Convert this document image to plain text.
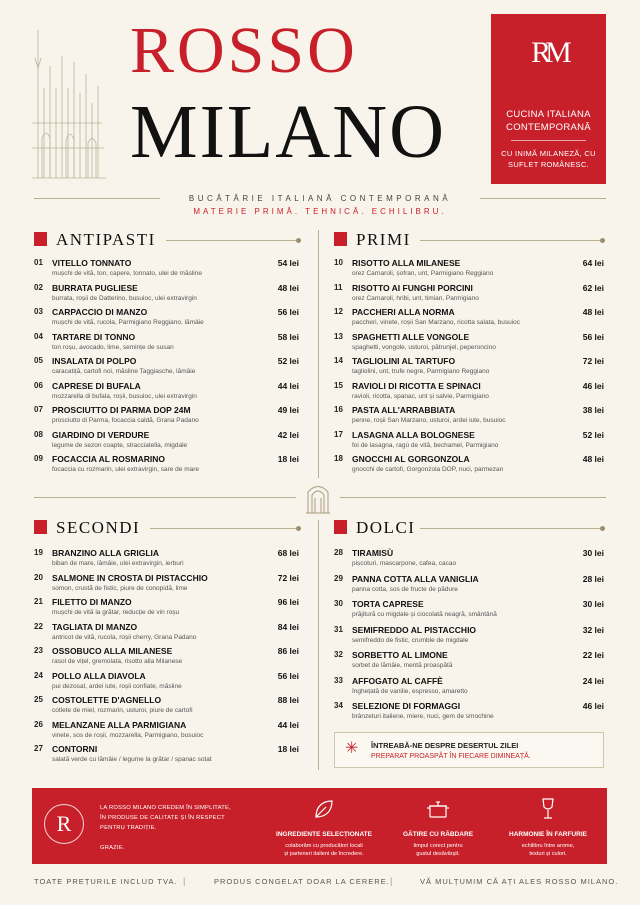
ROSSO
MILANO
RM
CUCINA ITALIANA CONTEMPORANĂ
CU INIMĂ MILANEZĂ, CU SUFLET ROMÂNESC.
BUCĂTĂRIE ITALIANĂ CONTEMPORANĂ
MATERIE PRIMĂ. TEHNICĂ. ECHILIBRU.
ANTIPASTI	PRIMI
SECONDI	DOLCI
01 VITELLO TONNATO
mușchi de vită, ton, capere, tonnato, ulei de măsline
54 lei
02 BURRATA PUGLIESE
burrata, roșii de Datterino, busuioc, ulei extravirgin
48 lei
03 CARPACCIO DI MANZO
mușchi de vită, rucola, Parmigiano Reggiano, lămâie
56 lei
04 TARTARE DI TONNO
ton roșu, avocado, lime, semințe de susan
58 lei
05 INSALATA DI POLPO
caracatiță, cartofi noi, măsline Taggiasche, lămâie
52 lei
06 CAPRESE DI BUFALA
mozzarella di bufala, roșii, busuioc, ulei extravirgin
44 lei
07 PROSCIUTTO DI PARMA DOP 24M
prosciutto di Parma, focaccia caldă, Grana Padano
49 lei
08 GIARDINO DI VERDURE
legume de sezon coapte, stracciatella, migdale
42 lei
09 FOCACCIA AL ROSMARINO
focaccia cu rozmarin, ulei extravirgin, sare de mare
18 lei
10 RISOTTO ALLA MILANESE
orez Carnaroli, șofran, unt, Parmigiano Reggiano
64 lei
11 RISOTTO AI FUNGHI PORCINI
orez Carnaroli, hribi, unt, timian, Parmigiano
62 lei
12 PACCHERI ALLA NORMA
paccheri, vinete, roșii San Marzano, ricotta salata, busuioc
48 lei
13 SPAGHETTI ALLE VONGOLE
spaghetti, vongole, usturoi, pătrunjel, peperoncino
56 lei
14 TAGLIOLINI AL TARTUFO
tagliolini, unt, trufe negre, Parmigiano Reggiano
72 lei
15 RAVIOLI DI RICOTTA E SPINACI
ravioli, ricotta, spanac, unt și salvie, Parmigiano
46 lei
16 PASTA ALL'ARRABBIATA
penne, roșii San Marzano, usturoi, ardei iute, busuioc
38 lei
17 LASAGNA ALLA BOLOGNESE
foi de lasagna, ragù de vită, bechamel, Parmigiano
52 lei
18 GNOCCHI AL GORGONZOLA
gnocchi de cartofi, Gorgonzola DOP, nuci, parmezan
48 lei
19 BRANZINO ALLA GRIGLIA
biban de mare, lămâie, ulei extravirgin, ierburi
68 lei
20 SALMONE IN CROSTA DI PISTACCHIO
somon, crustă de fistic, piure de conopidă, lime
72 lei
21 FILETTO DI MANZO
mușchi de vită la grătar, reducție de vin roșu
96 lei
22 TAGLIATA DI MANZO
antricot de vită, rucola, roșii cherry, Grana Padano
84 lei
23 OSSOBUCO ALLA MILANESE
rasol de vițel, gremolata, risotto alla Milanese
86 lei
24 POLLO ALLA DIAVOLA
pui dezosat, ardei iute, roșii confiate, măsline
56 lei
25 COSTOLETTE D'AGNELLO
cotlete de miel, rozmarin, usturoi, piure de cartofi
88 lei
26 MELANZANE ALLA PARMIGIANA
vinete, sos de roșii, mozzarella, Parmigiano, busuioc
44 lei
27 CONTORNI
salată verde cu lămâie / legume la grătar / spanac sotat
18 lei
28 TIRAMISÙ
pișcoturi, mascarpone, cafea, cacao
30 lei
29 PANNA COTTA ALLA VANIGLIA
panna cotta, sos de fructe de pădure
28 lei
30 TORTA CAPRESE
prăjitură cu migdale și ciocolată neagră, smântână
30 lei
31 SEMIFREDDO AL PISTACCHIO
semifreddo de fistic, crumble de migdale
32 lei
32 SORBETTO AL LIMONE
sorbet de lămâie, mentă proaspătă
22 lei
33 AFFOGATO AL CAFFÈ
înghețată de vanilie, espresso, amaretto
24 lei
34 SELEZIONE DI FORMAGGI
brânzeturi italiene, miere, nuci, gem de smochine
46 lei
✳ ÎNTREABĂ-NE DESPRE DESERTUL ZILEI
PREPARAT PROASPĂT ÎN FIECARE DIMINEAȚĂ.
R
LA ROSSO MILANO CREDEM ÎN SIMPLITATE,
ÎN PRODUSE DE CALITATE ȘI ÎN RESPECT
PENTRU TRADIȚIE.
GRAZIE.
INGREDIENTE SELECȚIONATE
colaborăm cu producători locali
și parteneri italieni de încredere.
GĂTIRE CU RĂBDARE
timpul corect pentru
gustul desăvârșit.
HARMONIE ÎN FARFURIE
echilibru între arome,
texturi și culori.
TOATE PREȚURILE INCLUD TVA. |	PRODUS CONGELAT DOAR LA CERERE. |	VĂ MULȚUMIM CĂ AȚI ALES ROSSO MILANO.
